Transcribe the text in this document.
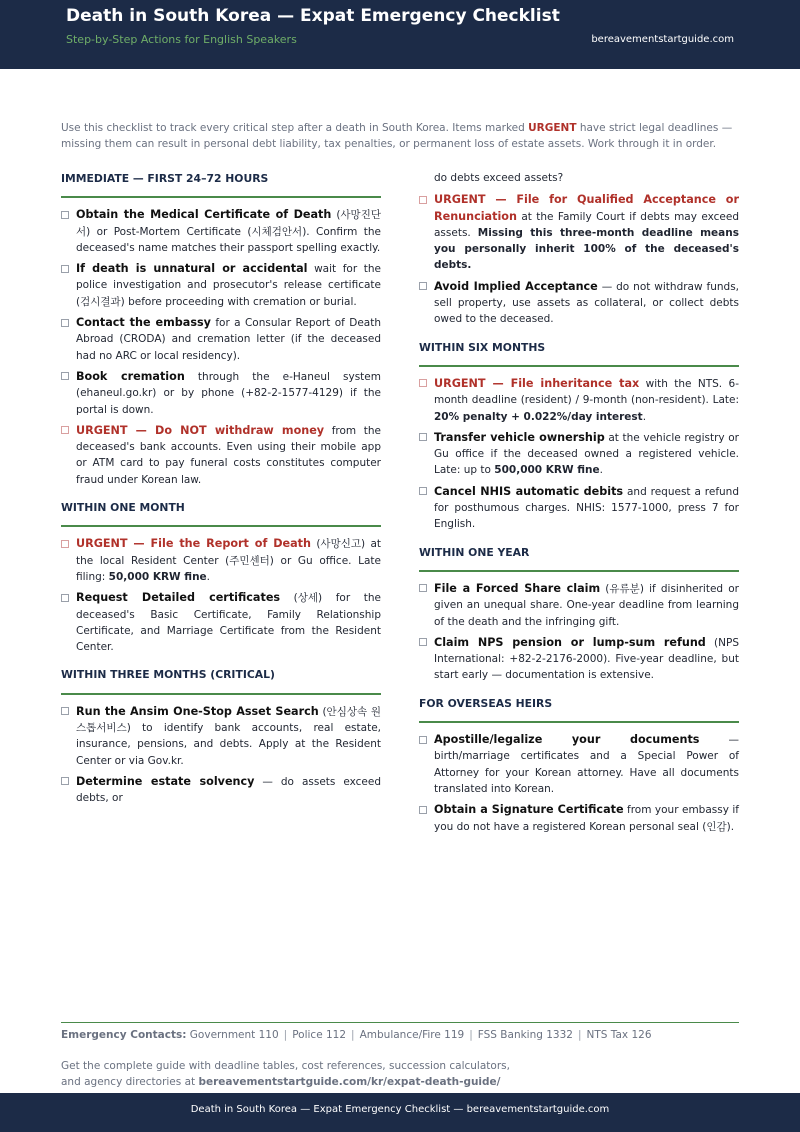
Death in South Korea — Expat Emergency Checklist
Step-by-Step Actions for English Speakers	bereavementstartguide.com
Use this checklist to track every critical step after a death in South Korea. Items marked URGENT have strict legal deadlines — missing them can result in personal debt liability, tax penalties, or permanent loss of estate assets. Work through it in order.
IMMEDIATE — FIRST 24–72 HOURS
Obtain the Medical Certificate of Death (사망진단서) or Post-Mortem Certificate (시체검안서). Confirm the deceased's name matches their passport spelling exactly.
If death is unnatural or accidental wait for the police investigation and prosecutor's release certificate (검시결과) before proceeding with cremation or burial.
Contact the embassy for a Consular Report of Death Abroad (CRODA) and cremation letter (if the deceased had no ARC or local residency).
Book cremation through the e-Haneul system (ehaneul.go.kr) or by phone (+82-2-1577-4129) if the portal is down.
URGENT — Do NOT withdraw money from the deceased's bank accounts. Even using their mobile app or ATM card to pay funeral costs constitutes computer fraud under Korean law.
WITHIN ONE MONTH
URGENT — File the Report of Death (사망신고) at the local Resident Center (주민센터) or Gu office. Late filing: 50,000 KRW fine.
Request Detailed certificates (상세) for the deceased's Basic Certificate, Family Relationship Certificate, and Marriage Certificate from the Resident Center.
WITHIN THREE MONTHS (CRITICAL)
Run the Ansim One-Stop Asset Search (안심상속 원스톱서비스) to identify bank accounts, real estate, insurance, pensions, and debts. Apply at the Resident Center or via Gov.kr.
Determine estate solvency — do assets exceed debts, or
do debts exceed assets?
URGENT — File for Qualified Acceptance or Renunciation at the Family Court if debts may exceed assets. Missing this three-month deadline means you personally inherit 100% of the deceased's debts.
Avoid Implied Acceptance — do not withdraw funds, sell property, use assets as collateral, or collect debts owed to the deceased.
WITHIN SIX MONTHS
URGENT — File inheritance tax with the NTS. 6-month deadline (resident) / 9-month (non-resident). Late: 20% penalty + 0.022%/day interest.
Transfer vehicle ownership at the vehicle registry or Gu office if the deceased owned a registered vehicle. Late: up to 500,000 KRW fine.
Cancel NHIS automatic debits and request a refund for posthumous charges. NHIS: 1577-1000, press 7 for English.
WITHIN ONE YEAR
File a Forced Share claim (유류분) if disinherited or given an unequal share. One-year deadline from learning of the death and the infringing gift.
Claim NPS pension or lump-sum refund (NPS International: +82-2-2176-2000). Five-year deadline, but start early — documentation is extensive.
FOR OVERSEAS HEIRS
Apostille/legalize your documents — birth/marriage certificates and a Special Power of Attorney for your Korean attorney. Have all documents translated into Korean.
Obtain a Signature Certificate from your embassy if you do not have a registered Korean personal seal (인감).
Emergency Contacts: Government 110 | Police 112 | Ambulance/Fire 119 | FSS Banking 1332 | NTS Tax 126
Get the complete guide with deadline tables, cost references, succession calculators,
and agency directories at bereavementstartguide.com/kr/expat-death-guide/
Death in South Korea — Expat Emergency Checklist — bereavementstartguide.com
